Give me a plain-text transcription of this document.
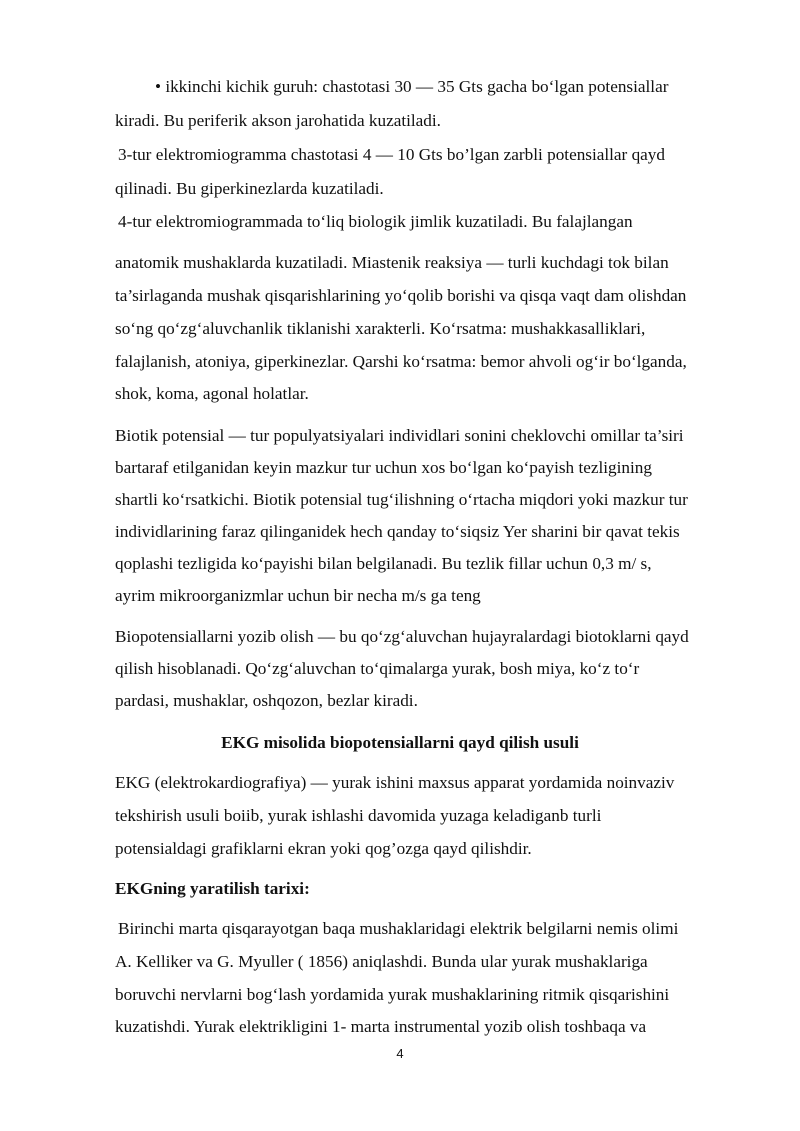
• ikkinchi kichik guruh: chastotasi 30 — 35 Gts gacha bo‘lgan potensiallar
kiradi. Bu periferik akson jarohatida kuzatiladi.
3-tur elektromiogramma chastotasi 4 — 10 Gts bo’lgan zarbli potensiallar qayd
qilinadi. Bu giperkinezlarda kuzatiladi.
4-tur elektromiogrammada to‘liq biologik jimlik kuzatiladi. Bu falajlangan
anatomik mushaklarda kuzatiladi. Miastenik reaksiya — turli kuchdagi tok bilan
ta’sirlaganda mushak qisqarishlarining yo‘qolib borishi va qisqa vaqt dam olishdan
so‘ng qo‘zg‘aluvchanlik tiklanishi xarakterli. Ko‘rsatma: mushakkasalliklari,
falajlanish, atoniya, giperkinezlar. Qarshi ko‘rsatma: bemor ahvoli og‘ir bo‘lganda,
shok, koma, agonal holatlar.
Biotik potensial — tur populyatsiyalari individlari sonini cheklovchi omillar ta’siri
bartaraf etilganidan keyin mazkur tur uchun xos bo‘lgan ko‘payish tezligining
shartli ko‘rsatkichi. Biotik potensial tug‘ilishning o‘rtacha miqdori yoki mazkur tur
individlarining faraz qilinganidek hech qanday to‘siqsiz Yer sharini bir qavat tekis
qoplashi tezligida ko‘payishi bilan belgilanadi. Bu tezlik fillar uchun 0,3 m/ s,
ayrim mikroorganizmlar uchun bir necha m/s ga teng
Biopotensiallarni yozib olish — bu qo‘zg‘aluvchan hujayralardagi biotoklarni qayd
qilish hisoblanadi. Qo‘zg‘aluvchan to‘qimalarga yurak, bosh miya, ko‘z to‘r
pardasi, mushaklar, oshqozon, bezlar kiradi.
EKG misolida biopotensiallarni qayd qilish usuli
EKG (elektrokardiografiya) — yurak ishini maxsus apparat yordamida noinvaziv
tekshirish usuli boiib, yurak ishlashi davomida yuzaga keladiganb turli
potensialdagi grafiklarni ekran yoki qog’ozga qayd qilishdir.
EKGning yaratilish tarixi:
Birinchi marta qisqarayotgan baqa mushaklaridagi elektrik belgilarni nemis olimi
A. Kelliker va G. Myuller ( 1856) aniqlashdi. Bunda ular yurak mushaklariga
boruvchi nervlarni bog‘lash yordamida yurak mushaklarining ritmik qisqarishini
kuzatishdi. Yurak elektrikligini 1- marta instrumental yozib olish toshbaqa va
4
